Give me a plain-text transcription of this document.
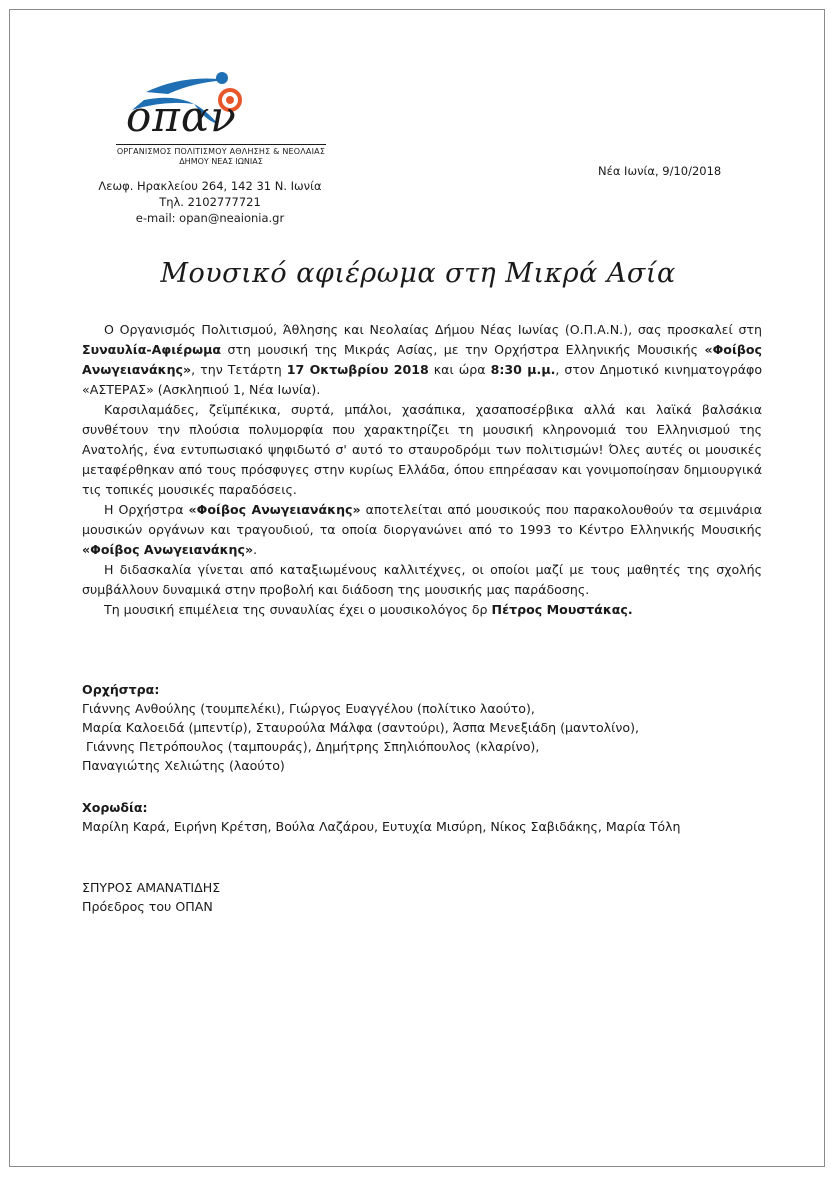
οπαν
ΟΡΓΑΝΙΣΜΟΣ ΠΟΛΙΤΙΣΜΟΥ ΑΘΛΗΣΗΣ & ΝΕΟΛΑΙΑΣ
ΔΗΜΟΥ ΝΕΑΣ ΙΩΝΙΑΣ
Λεωφ. Ηρακλείου 264, 142 31 Ν. Ιωνία
Τηλ. 2102777721
e-mail: opan@neaionia.gr
Νέα Ιωνία, 9/10/2018
Μουσικό αφιέρωμα στη Μικρά Ασία

Ο Οργανισμός Πολιτισμού, Άθλησης και Νεολαίας Δήμου Νέας Ιωνίας (Ο.Π.Α.Ν.), σας προσκαλεί στη Συναυλία-Αφιέρωμα στη μουσική της Μικράς Ασίας, με την Ορχήστρα Ελληνικής Μουσικής «Φοίβος Ανωγειανάκης», την Τετάρτη 17 Οκτωβρίου 2018 και ώρα 8:30 μ.μ., στον Δημοτικό κινηματογράφο «ΑΣΤΕΡΑΣ» (Ασκληπιού 1, Νέα Ιωνία).

Καρσιλαμάδες, ζεϊμπέκικα, συρτά, μπάλοι, χασάπικα, χασαποσέρβικα αλλά και λαϊκά βαλσάκια συνθέτουν την πλούσια πολυμορφία που χαρακτηρίζει τη μουσική κληρονομιά του Ελληνισμού της Ανατολής, ένα εντυπωσιακό ψηφιδωτό σ' αυτό το σταυροδρόμι των πολιτισμών! Όλες αυτές οι μουσικές μεταφέρθηκαν από τους πρόσφυγες στην κυρίως Ελλάδα, όπου επηρέασαν και γονιμοποίησαν δημιουργικά τις τοπικές μουσικές παραδόσεις.

Η Ορχήστρα «Φοίβος Ανωγειανάκης» αποτελείται από μουσικούς που παρακολουθούν τα σεμινάρια μουσικών οργάνων και τραγουδιού, τα οποία διοργανώνει από το 1993 το Κέντρο Ελληνικής Μουσικής «Φοίβος Ανωγειανάκης».

Η διδασκαλία γίνεται από καταξιωμένους καλλιτέχνες, οι οποίοι μαζί με τους μαθητές της σχολής συμβάλλουν δυναμικά στην προβολή και διάδοση της μουσικής μας παράδοσης.

Τη μουσική επιμέλεια της συναυλίας έχει ο μουσικολόγος δρ Πέτρος Μουστάκας.

Ορχήστρα:
Γιάννης Ανθούλης (τουμπελέκι), Γιώργος Ευαγγέλου (πολίτικο λαούτο),
Μαρία Καλοειδά (μπεντίρ), Σταυρούλα Μάλφα (σαντούρι), Άσπα Μενεξιάδη (μαντολίνο),
Γιάννης Πετρόπουλος (ταμπουράς), Δημήτρης Σπηλιόπουλος (κλαρίνο),
Παναγιώτης Χελιώτης (λαούτο)
Χορωδία:
Μαρίλη Καρά, Ειρήνη Κρέτση, Βούλα Λαζάρου, Ευτυχία Μισύρη, Νίκος Σαβιδάκης, Μαρία Τόλη
ΣΠΥΡΟΣ ΑΜΑΝΑΤΙΔΗΣ
Πρόεδρος του ΟΠΑΝ
